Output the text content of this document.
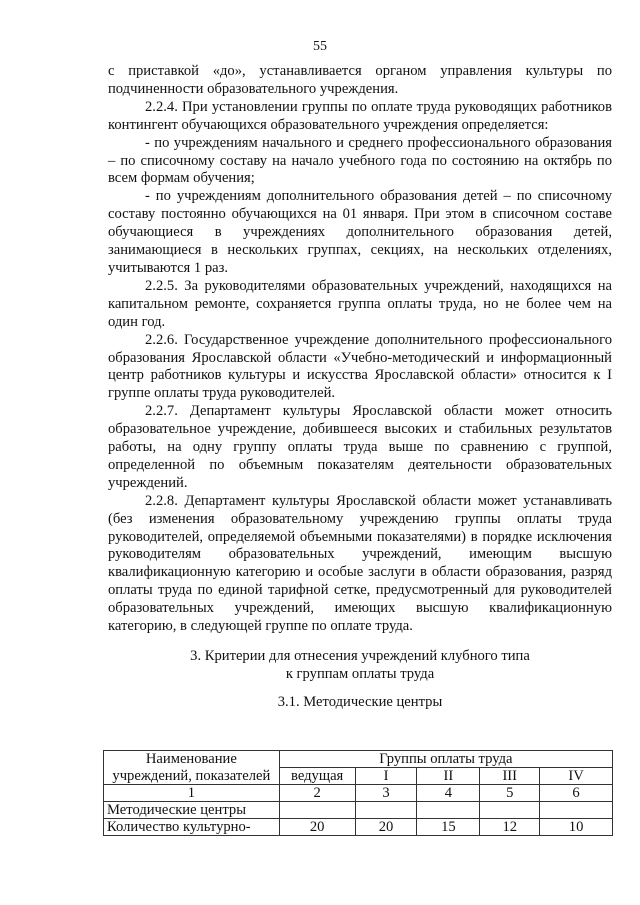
55

с приставкой «до», устанавливается органом управления культуры по подчиненности образовательного учреждения.

2.2.4. При установлении группы по оплате труда руководящих работников контингент обучающихся образовательного учреждения определяется:

- по учреждениям начального и среднего профессионального образования – по списочному составу на начало учебного года по состоянию на октябрь по всем формам обучения;

- по учреждениям дополнительного образования детей – по списочному составу постоянно обучающихся на 01 января. При этом в списочном составе обучающиеся в учреждениях дополнительного образования детей, занимающиеся в нескольких группах, секциях, на нескольких отделениях, учитываются 1 раз.

2.2.5. За руководителями образовательных учреждений, находящихся на капитальном ремонте, сохраняется группа оплаты труда, но не более чем на один год.

2.2.6. Государственное учреждение дополнительного профессионального образования Ярославской области «Учебно-методический и информационный центр работников культуры и искусства Ярославской области» относится к I группе оплаты труда руководителей.

2.2.7. Департамент культуры Ярославской области может относить образовательное учреждение, добившееся высоких и стабильных результатов работы, на одну группу оплаты труда выше по сравнению с группой, определенной по объемным показателям деятельности образовательных учреждений.

2.2.8. Департамент культуры Ярославской области может устанавливать (без изменения образовательному учреждению группы оплаты труда руководителей, определяемой объемными показателями) в порядке исключения руководителям образовательных учреждений, имеющим высшую квалификационную категорию и особые заслуги в области образования, разряд оплаты труда по единой тарифной сетке, предусмотренный для руководителей образовательных учреждений, имеющих высшую квалификационную категорию, в следующей группе по оплате труда.

3. Критерии для отнесения учреждений клубного типа

к группам оплаты труда

3.1. Методические центры

Наименование	Группы оплаты труда				
учреждений, показателей	ведущая	I	II	III	IV
1	2	3	4	5	6
Методические центры					
Количество культурно-	20	20	15	12	10
